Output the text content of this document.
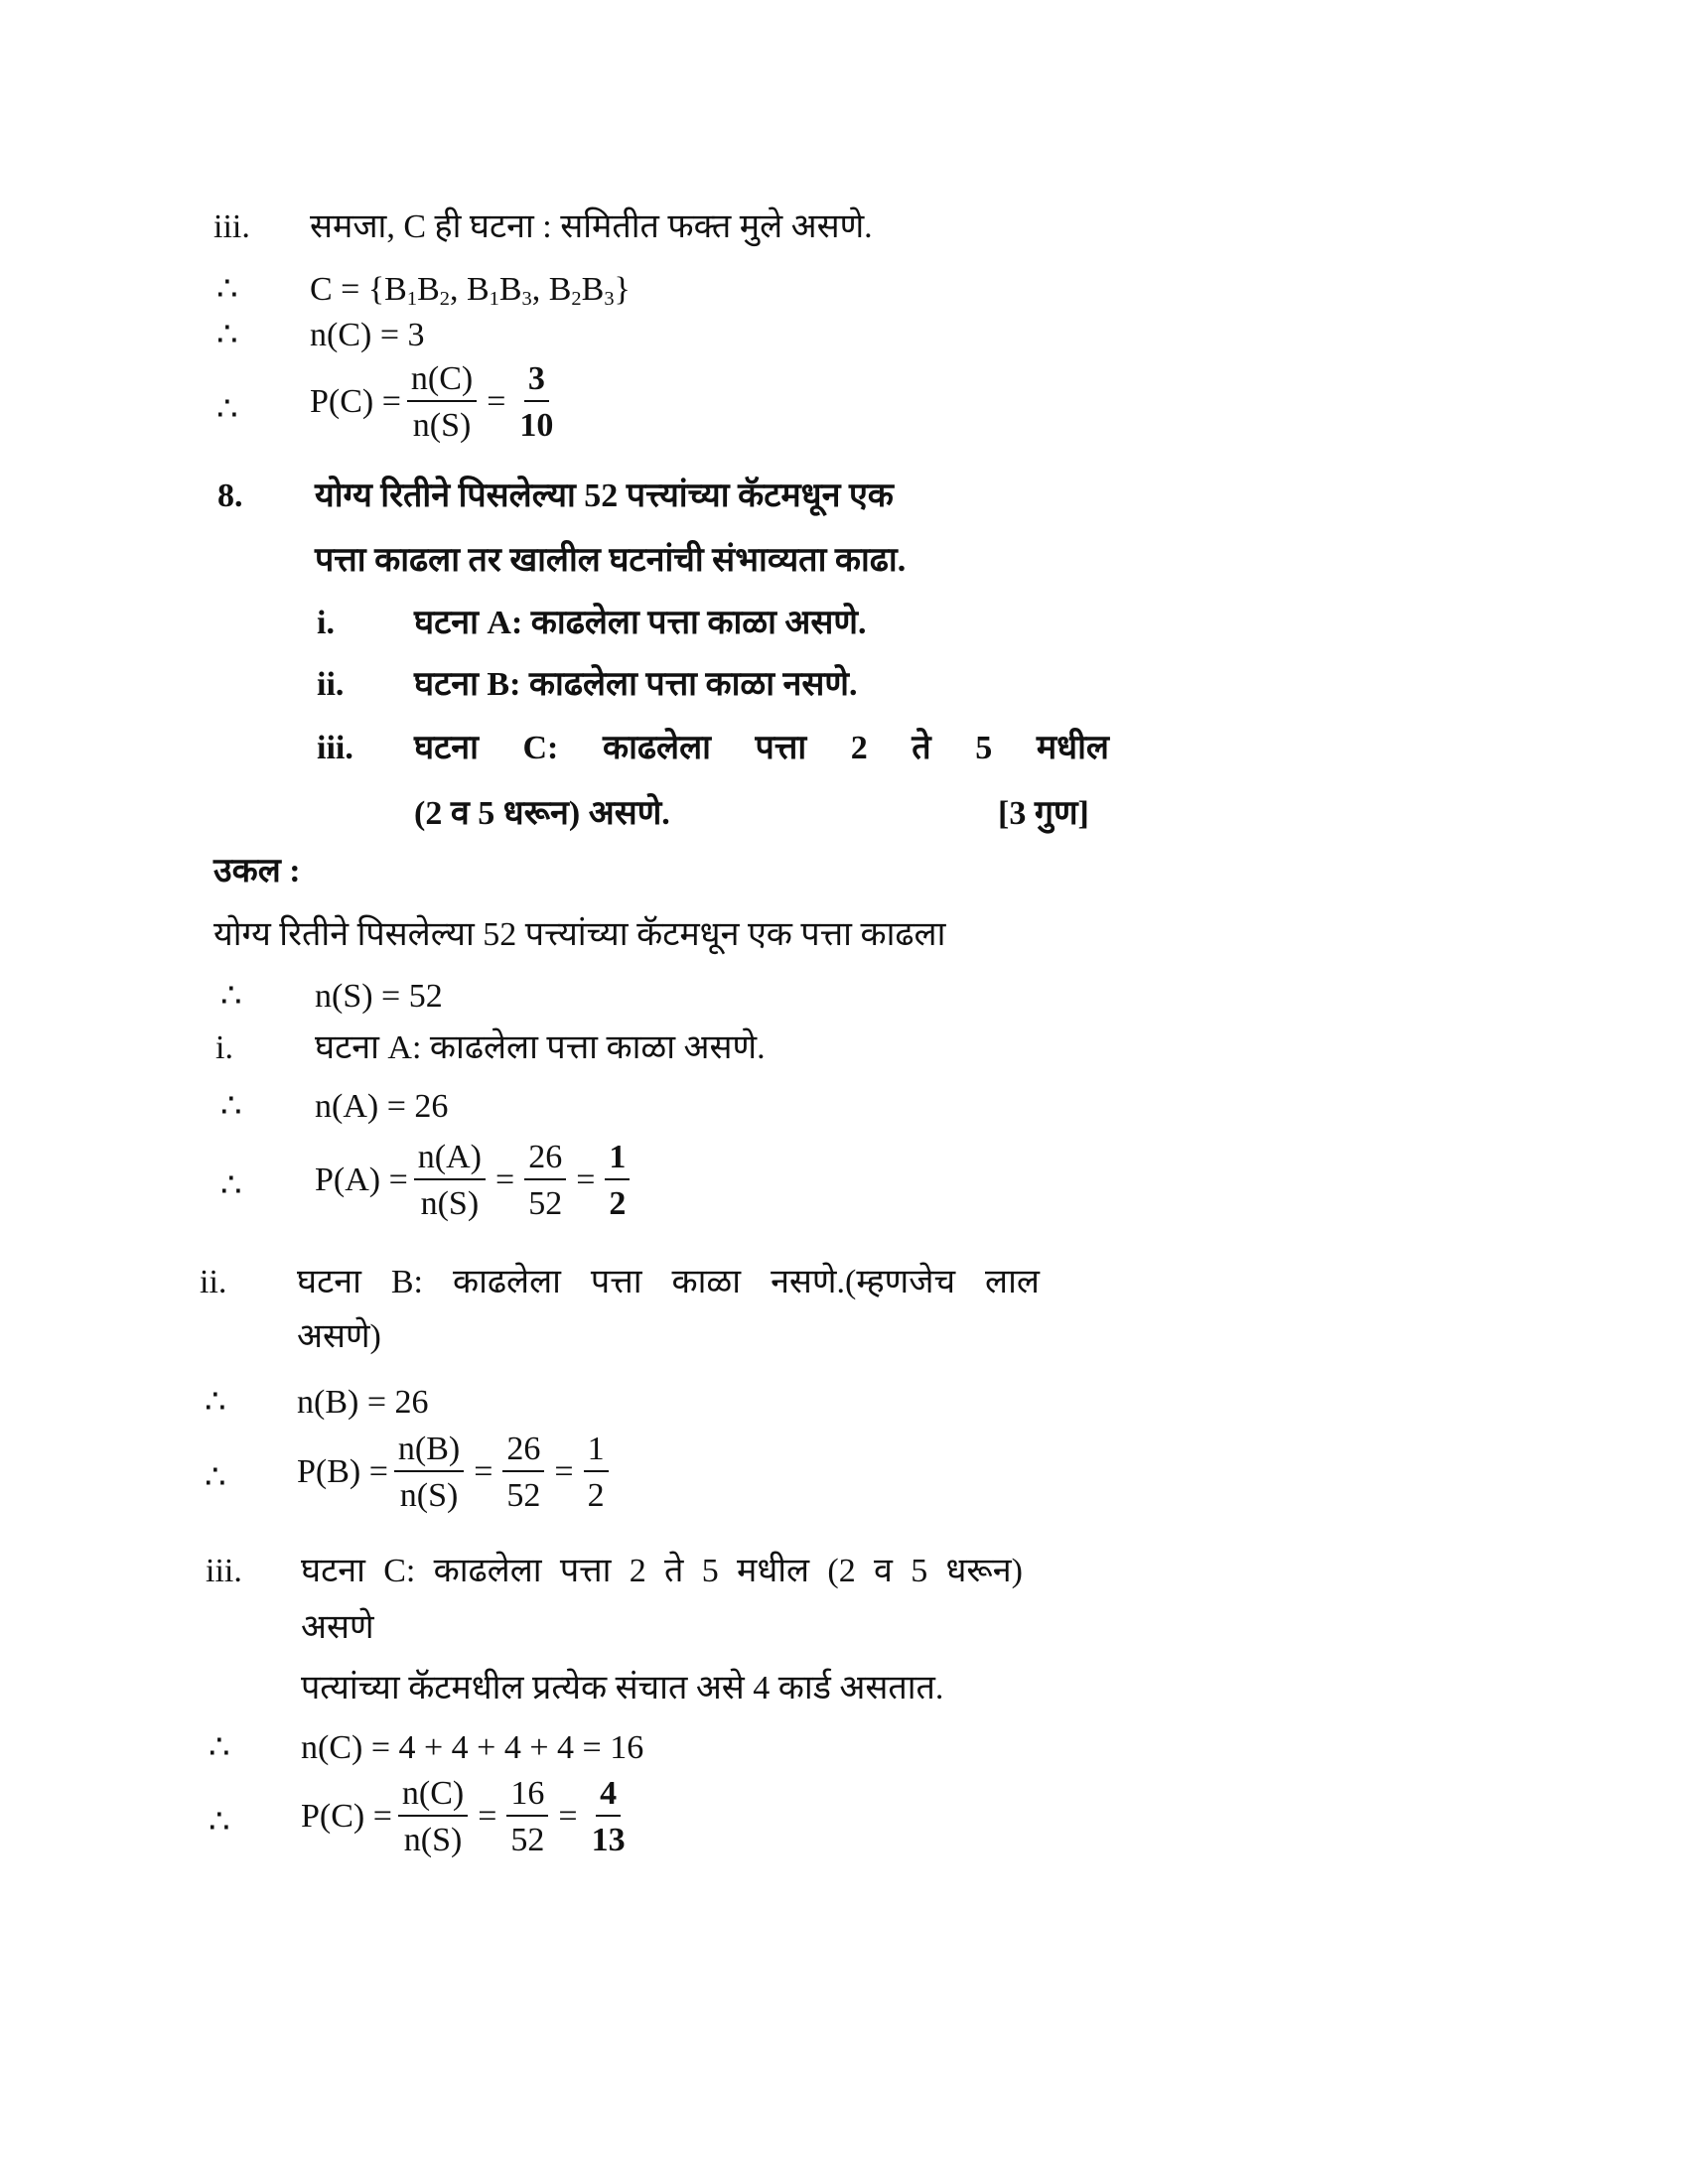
iii. समजा, C ही घटना : समितीत फक्त मुले असणे.
∴ $C = \{B_1B_2$, $B_1B_3$, $B_2B_3$}
∴ n(C) = 3
∴ $P(C) = \frac{n(C)}{n(S)} = \frac{3}{10}$
8. योग्य रितीने पिसलेल्या 52 पत्त्यांच्या कॅटमधून एक
पत्ता काढला तर खालील घटनांची संभाव्यता काढा.
i. घटना A: काढलेला पत्ता काळा असणे.
ii. घटना B: काढलेला पत्ता काळा नसणे.
iii. घटना C: काढलेला पत्ता 2 ते 5 मधील
(2 व 5 धरून) असणे.	[3 गुण]
उकल :
योग्य रितीने पिसलेल्या 52 पत्त्यांच्या कॅटमधून एक पत्ता काढला
∴ n(S) = 52
i. घटना A: काढलेला पत्ता काळा असणे.
∴ n(A) = 26
∴ $P(A) = \frac{n(A)}{n(S)} = \frac{26}{52} = \frac{1}{2}$
ii. घटना B: काढलेला पत्ता काळा नसणे.(म्हणजेच लाल
असणे)
∴ n(B) = 26
∴ $P(B) = \frac{n(B)}{n(S)} = \frac{26}{52} = \frac{1}{2}$
iii. घटना C: काढलेला पत्ता 2 ते 5 मधील (2 व 5 धरून)
असणे
पत्यांच्या कॅटमधील प्रत्येक संचात असे 4 कार्ड असतात.
∴ n(C) = 4 + 4 + 4 + 4 = 16
∴ $P(C) = \frac{n(C)}{n(S)} = \frac{16}{52} = \frac{4}{13}$
